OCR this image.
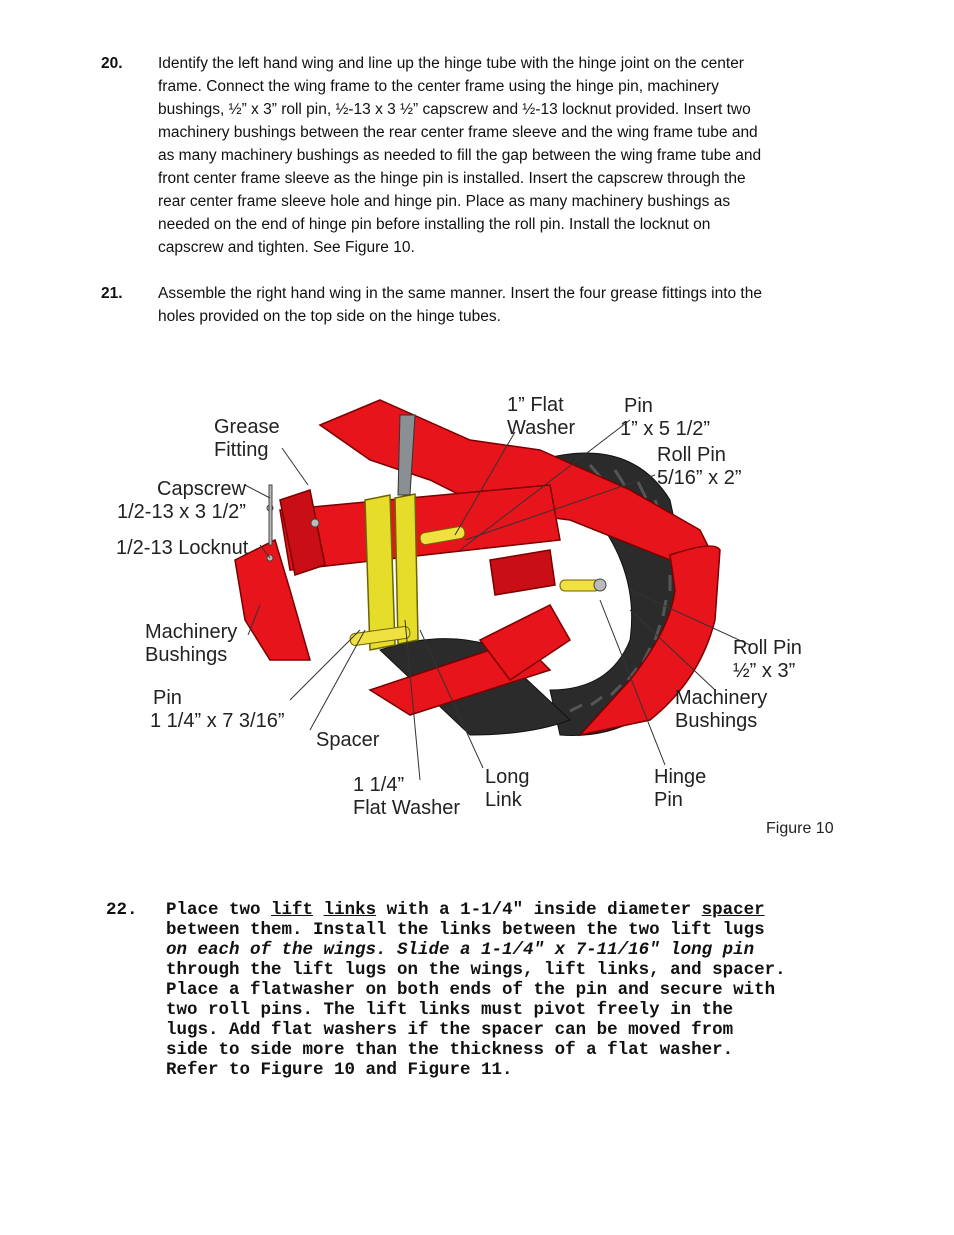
20. Identify the left hand wing and line up the hinge tube with the hinge joint on the center
frame. Connect the wing frame to the center frame using the hinge pin, machinery
bushings, ½” x 3” roll pin, ½-13 x 3 ½” capscrew and ½-13 locknut provided. Insert two
machinery bushings between the rear center frame sleeve and the wing frame tube and
as many machinery bushings as needed to fill the gap between the wing frame tube and
front center frame sleeve as the hinge pin is installed. Insert the capscrew through the
rear center frame sleeve hole and hinge pin. Place as many machinery bushings as
needed on the end of hinge pin before installing the roll pin. Install the locknut on
capscrew and tighten. See Figure 10.
21. Assemble the right hand wing in the same manner. Insert the four grease fittings into the
holes provided on the top side on the hinge tubes.
Grease
Fitting
Capscrew
1/2-13 x 3 1/2”
1/2-13 Locknut
Machinery
Bushings
Pin
1 1/4” x 7 3/16”
Spacer
1 1/4”
Flat Washer
Long
Link
1” Flat
Washer
Pin
1” x 5 1/2”
Roll Pin
5/16” x 2”
Roll Pin
½” x 3”
Machinery
Bushings
Hinge
Pin
Figure 10
22. Place two lift links with a 1-1/4" inside diameter spacer
between them. Install the links between the two lift lugs
on each of the wings. Slide a 1-1/4" x 7-11/16" long pin
through the lift lugs on the wings, lift links, and spacer.
Place a flatwasher on both ends of the pin and secure with
two roll pins. The lift links must pivot freely in the
lugs. Add flat washers if the spacer can be moved from
side to side more than the thickness of a flat washer.
Refer to Figure 10 and Figure 11.
